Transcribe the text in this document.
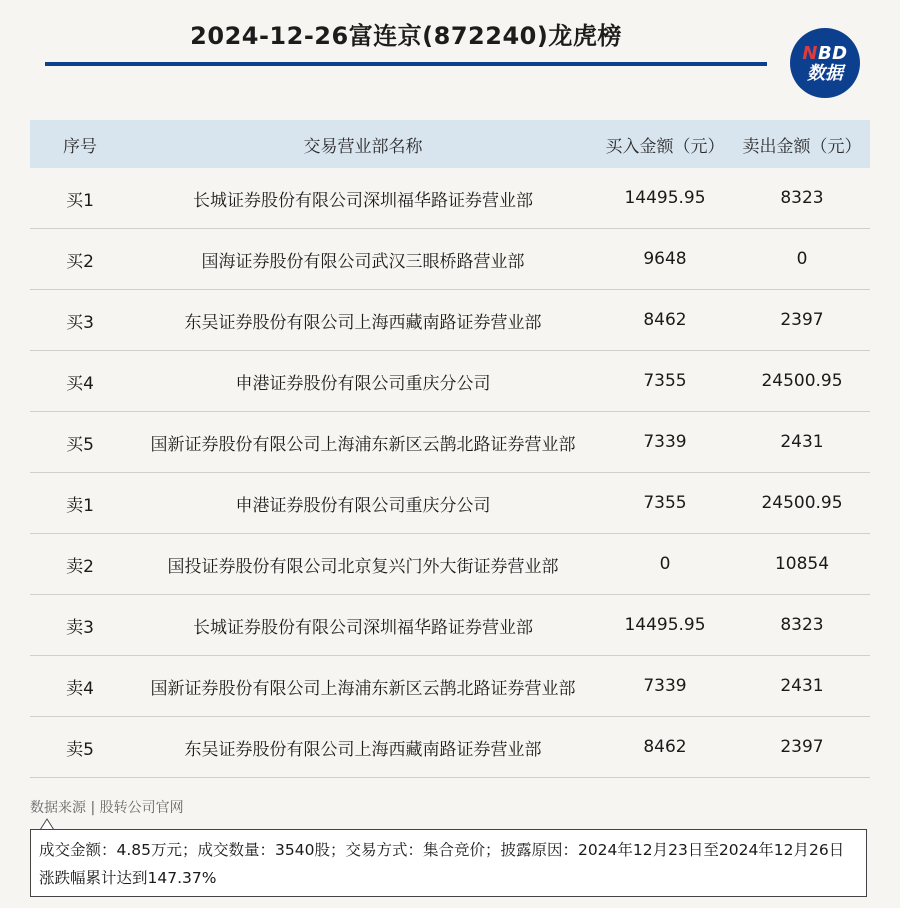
2024-12-26富连京(872240)龙虎榜
NBD
数据
序号	交易营业部名称	买入金额（元）	卖出金额（元）
买1	长城证券股份有限公司深圳福华路证券营业部	14495.95	8323
买2	国海证券股份有限公司武汉三眼桥路营业部	9648	0
买3	东吴证券股份有限公司上海西藏南路证券营业部	8462	2397
买4	申港证券股份有限公司重庆分公司	7355	24500.95
买5	国新证券股份有限公司上海浦东新区云鹊北路证券营业部	7339	2431
卖1	申港证券股份有限公司重庆分公司	7355	24500.95
卖2	国投证券股份有限公司北京复兴门外大街证券营业部	0	10854
卖3	长城证券股份有限公司深圳福华路证券营业部	14495.95	8323
卖4	国新证券股份有限公司上海浦东新区云鹊北路证券营业部	7339	2431
卖5	东吴证券股份有限公司上海西藏南路证券营业部	8462	2397
数据来源 | 股转公司官网
成交金额：4.85万元；成交数量：3540股；交易方式：集合竞价；披露原因：2024年12月23日至2024年12月26日涨跌幅累计达到147.37%
